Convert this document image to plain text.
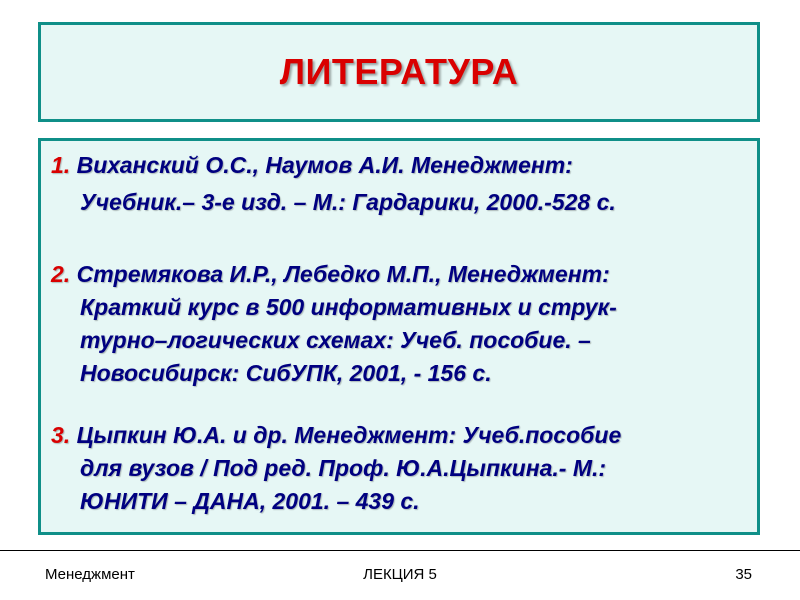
ЛИТЕРАТУРА
1. Виханский О.С., Наумов А.И. Менеджмент:
Учебник.– 3-е изд. – М.: Гардарики, 2000.-528 с.
2. Стремякова И.Р., Лебедко М.П., Менеджмент:
Краткий курс в 500 информативных и струк-
турно–логических схемах: Учеб. пособие. –
Новосибирск: СибУПК, 2001, - 156 с.
3. Цыпкин Ю.А. и др. Менеджмент: Учеб.пособие
для вузов / Под ред. Проф. Ю.А.Цыпкина.- М.:
ЮНИТИ – ДАНА, 2001. – 439 с.
Менеджмент	ЛЕКЦИЯ 5	35
